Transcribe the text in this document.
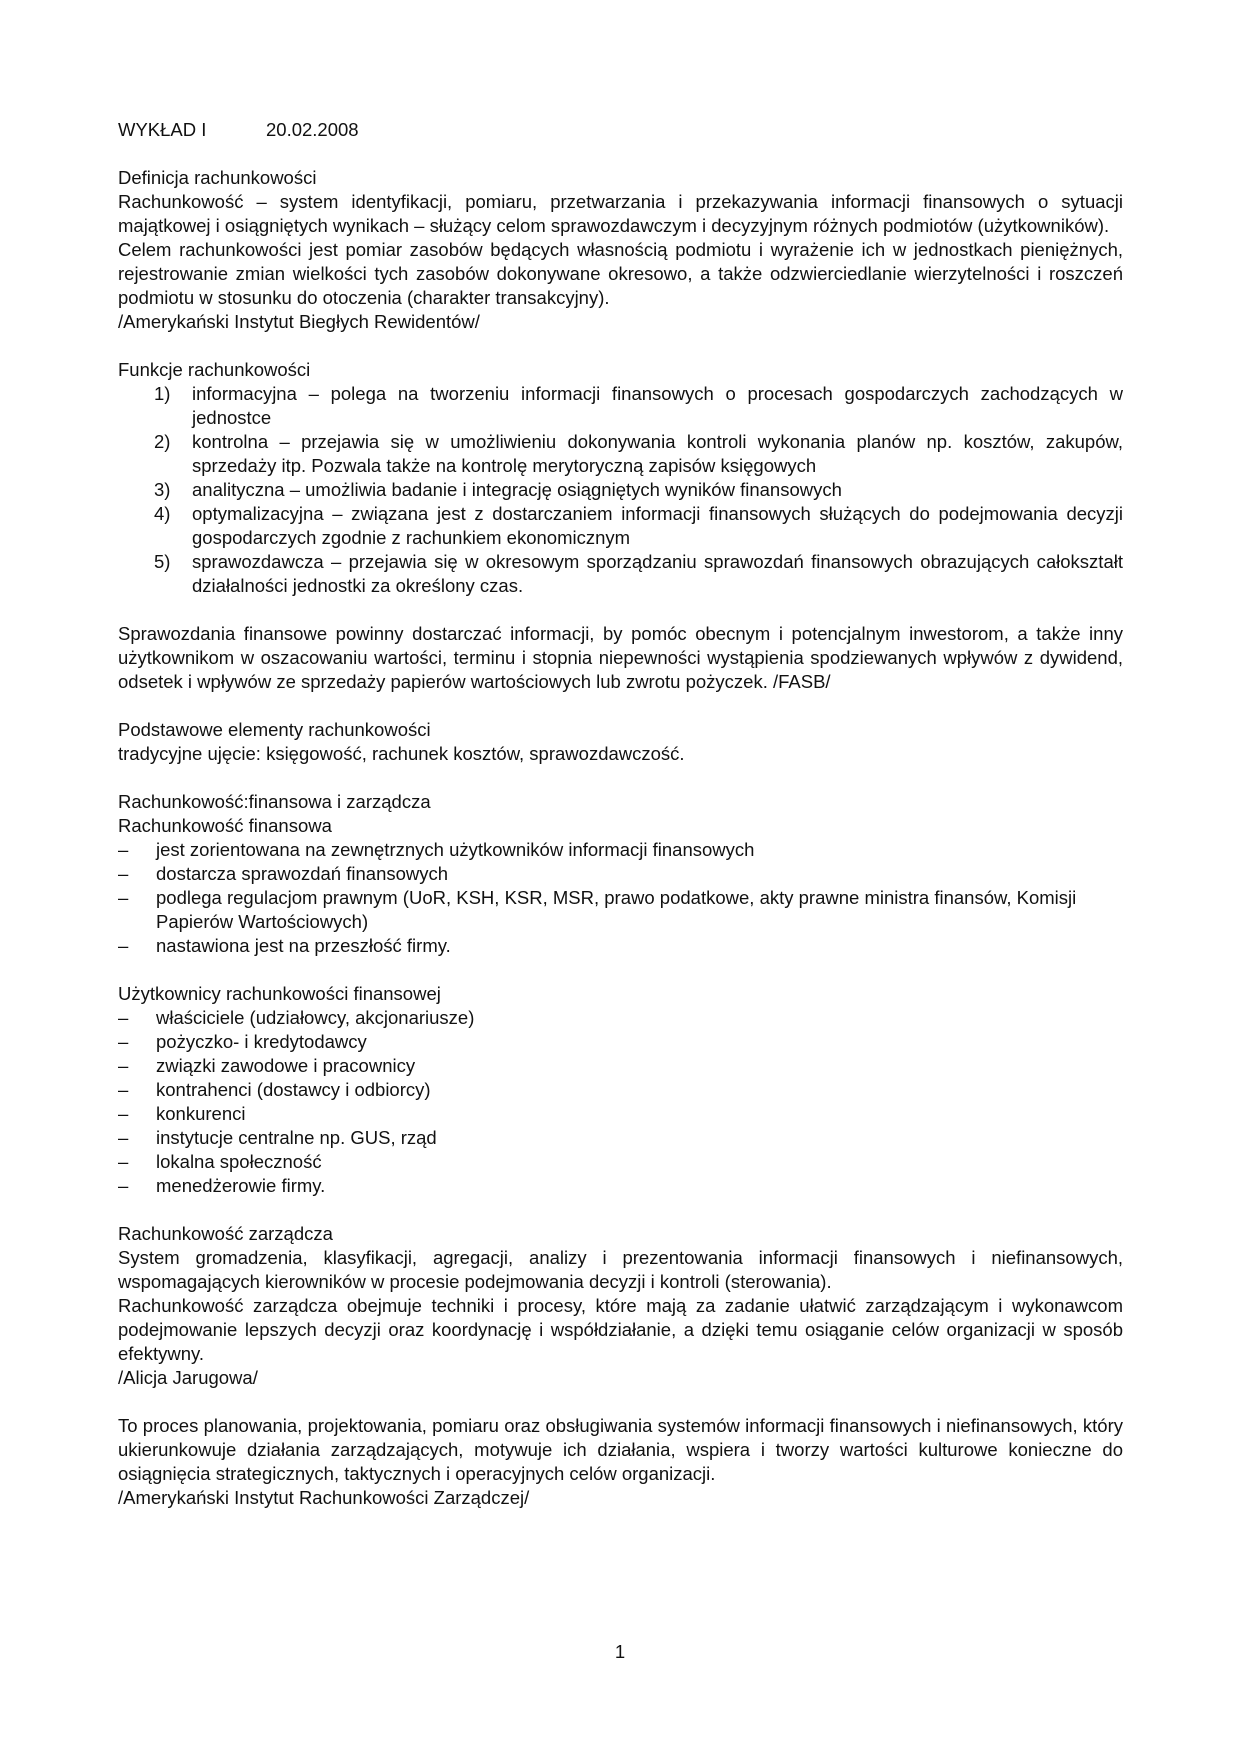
WYKŁAD I	20.02.2008

Definicja rachunkowości

Rachunkowość – system identyfikacji, pomiaru, przetwarzania i przekazywania informacji finansowych o sytuacji majątkowej i osiągniętych wynikach – służący celom sprawozdawczym i decyzyjnym różnych podmiotów (użytkowników).

Celem rachunkowości jest pomiar zasobów będących własnością podmiotu i wyrażenie ich w jednostkach pieniężnych, rejestrowanie zmian wielkości tych zasobów dokonywane okresowo, a także odzwierciedlanie wierzytelności i roszczeń podmiotu w stosunku do otoczenia (charakter transakcyjny).

/Amerykański Instytut Biegłych Rewidentów/

Funkcje rachunkowości

1)	informacyjna – polega na tworzeniu informacji finansowych o procesach gospodarczych zachodzących w jednostce
2)	kontrolna – przejawia się w umożliwieniu dokonywania kontroli wykonania planów np. kosztów, zakupów, sprzedaży itp. Pozwala także na kontrolę merytoryczną zapisów księgowych
3)	analityczna – umożliwia badanie i integrację osiągniętych wyników finansowych
4)	optymalizacyjna – związana jest z dostarczaniem informacji finansowych służących do podejmowania decyzji gospodarczych zgodnie z rachunkiem ekonomicznym
5)	sprawozdawcza – przejawia się w okresowym sporządzaniu sprawozdań finansowych obrazujących całokształt działalności jednostki za określony czas.

Sprawozdania finansowe powinny dostarczać informacji, by pomóc obecnym i potencjalnym inwestorom, a także inny użytkownikom w oszacowaniu wartości, terminu i stopnia niepewności wystąpienia spodziewanych wpływów z dywidend, odsetek i wpływów ze sprzedaży papierów wartościowych lub zwrotu pożyczek. /FASB/

Podstawowe elementy rachunkowości

tradycyjne ujęcie: księgowość, rachunek kosztów, sprawozdawczość.

Rachunkowość:finansowa i zarządcza

Rachunkowość finansowa

–	jest zorientowana na zewnętrznych użytkowników informacji finansowych
–	dostarcza sprawozdań finansowych
–	podlega regulacjom prawnym (UoR, KSH, KSR, MSR, prawo podatkowe, akty prawne ministra finansów, Komisji Papierów Wartościowych)
–	nastawiona jest na przeszłość firmy.

Użytkownicy rachunkowości finansowej

–	właściciele (udziałowcy, akcjonariusze)
–	pożyczko- i kredytodawcy
–	związki zawodowe i pracownicy
–	kontrahenci (dostawcy i odbiorcy)
–	konkurenci
–	instytucje centralne np. GUS, rząd
–	lokalna społeczność
–	menedżerowie firmy.

Rachunkowość zarządcza

System gromadzenia, klasyfikacji, agregacji, analizy i prezentowania informacji finansowych i niefinansowych, wspomagających kierowników w procesie podejmowania decyzji i kontroli (sterowania).

Rachunkowość zarządcza obejmuje techniki i procesy, które mają za zadanie ułatwić zarządzającym i wykonawcom podejmowanie lepszych decyzji oraz koordynację i współdziałanie, a dzięki temu osiąganie celów organizacji w sposób efektywny.

/Alicja Jarugowa/

To proces planowania, projektowania, pomiaru oraz obsługiwania systemów informacji finansowych i niefinansowych, który ukierunkowuje działania zarządzających, motywuje ich działania, wspiera i tworzy wartości kulturowe konieczne do osiągnięcia strategicznych, taktycznych i operacyjnych celów organizacji.

/Amerykański Instytut Rachunkowości Zarządczej/

1
